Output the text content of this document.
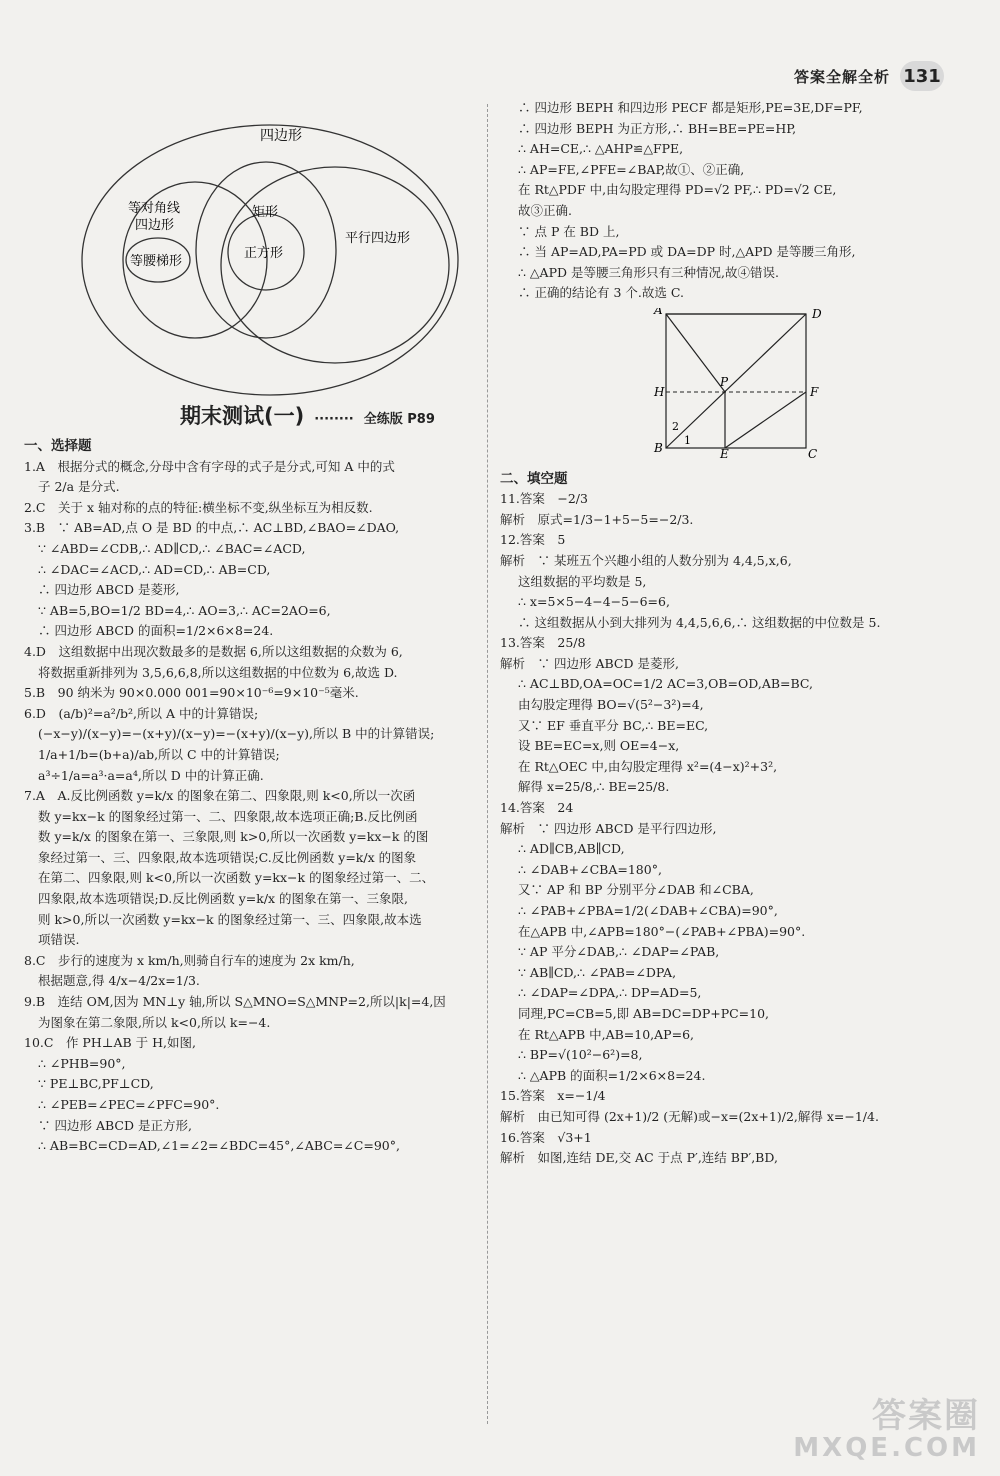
答案全解全析 131
四边形
等对角线
四边形
等腰梯形
矩形
正方形
平行四边形
期末测试(一) ········ 全练版 P89
一、选择题
1.A　根据分式的概念,分母中含有字母的式子是分式,可知 A 中的式
子 2/a 是分式.
2.C　关于 x 轴对称的点的特征:横坐标不变,纵坐标互为相反数.
3.B　∵ AB=AD,点 O 是 BD 的中点,∴ AC⊥BD,∠BAO=∠DAO,
∵ ∠ABD=∠CDB,∴ AD∥CD,∴ ∠BAC=∠ACD,
∴ ∠DAC=∠ACD,∴ AD=CD,∴ AB=CD,
∴ 四边形 ABCD 是菱形,
∵ AB=5,BO=1/2 BD=4,∴ AO=3,∴ AC=2AO=6,
∴ 四边形 ABCD 的面积=1/2×6×8=24.
4.D　这组数据中出现次数最多的是数据 6,所以这组数据的众数为 6,
将数据重新排列为 3,5,6,6,8,所以这组数据的中位数为 6,故选 D.
5.B　90 纳米为 90×0.000 001=90×10⁻⁶=9×10⁻⁵毫米.
6.D　(a/b)²=a²/b²,所以 A 中的计算错误;
(−x−y)/(x−y)=−(x+y)/(x−y)=−(x+y)/(x−y),所以 B 中的计算错误;
1/a+1/b=(b+a)/ab,所以 C 中的计算错误;
a³÷1/a=a³·a=a⁴,所以 D 中的计算正确.
7.A　A.反比例函数 y=k/x 的图象在第二、四象限,则 k<0,所以一次函
数 y=kx−k 的图象经过第一、二、四象限,故本选项正确;B.反比例函
数 y=k/x 的图象在第一、三象限,则 k>0,所以一次函数 y=kx−k 的图
象经过第一、三、四象限,故本选项错误;C.反比例函数 y=k/x 的图象
在第二、四象限,则 k<0,所以一次函数 y=kx−k 的图象经过第一、二、
四象限,故本选项错误;D.反比例函数 y=k/x 的图象在第一、三象限,
则 k>0,所以一次函数 y=kx−k 的图象经过第一、三、四象限,故本选
项错误.
8.C　步行的速度为 x km/h,则骑自行车的速度为 2x km/h,
根据题意,得 4/x−4/2x=1/3.
9.B　连结 OM,因为 MN⊥y 轴,所以 S△MNO=S△MNP=2,所以|k|=4,因
为图象在第二象限,所以 k<0,所以 k=−4.
10.C　作 PH⊥AB 于 H,如图,
∴ ∠PHB=90°,
∵ PE⊥BC,PF⊥CD,
∴ ∠PEB=∠PEC=∠PFC=90°.
∵ 四边形 ABCD 是正方形,
∴ AB=BC=CD=AD,∠1=∠2=∠BDC=45°,∠ABC=∠C=90°,
∴ 四边形 BEPH 和四边形 PECF 都是矩形,PE=3E,DF=PF,
∴ 四边形 BEPH 为正方形,∴ BH=BE=PE=HP,
∴ AH=CE,∴ △AHP≌△FPE,
∴ AP=FE,∠PFE=∠BAP,故①、②正确,
在 Rt△PDF 中,由勾股定理得 PD=√2 PF,∴ PD=√2 CE,
故③正确.
∵ 点 P 在 BD 上,
∴ 当 AP=AD,PA=PD 或 DA=DP 时,△APD 是等腰三角形,
∴ △APD 是等腰三角形只有三种情况,故④错误.
∴ 正确的结论有 3 个.故选 C.
A	D
P
H	F
B	E	C
1
2
二、填空题
11.答案　−2/3
解析　原式=1/3−1+5−5=−2/3.
12.答案　5
解析　∵ 某班五个兴趣小组的人数分别为 4,4,5,x,6,
这组数据的平均数是 5,
∴ x=5×5−4−4−5−6=6,
∴ 这组数据从小到大排列为 4,4,5,6,6,∴ 这组数据的中位数是 5.
13.答案　25/8
解析　∵ 四边形 ABCD 是菱形,
∴ AC⊥BD,OA=OC=1/2 AC=3,OB=OD,AB=BC,
由勾股定理得 BO=√(5²−3²)=4,
又∵ EF 垂直平分 BC,∴ BE=EC,
设 BE=EC=x,则 OE=4−x,
在 Rt△OEC 中,由勾股定理得 x²=(4−x)²+3²,
解得 x=25/8,∴ BE=25/8.
14.答案　24
解析　∵ 四边形 ABCD 是平行四边形,
∴ AD∥CB,AB∥CD,
∴ ∠DAB+∠CBA=180°,
又∵ AP 和 BP 分别平分∠DAB 和∠CBA,
∴ ∠PAB+∠PBA=1/2(∠DAB+∠CBA)=90°,
在△APB 中,∠APB=180°−(∠PAB+∠PBA)=90°.
∵ AP 平分∠DAB,∴ ∠DAP=∠PAB,
∵ AB∥CD,∴ ∠PAB=∠DPA,
∴ ∠DAP=∠DPA,∴ DP=AD=5,
同理,PC=CB=5,即 AB=DC=DP+PC=10,
在 Rt△APB 中,AB=10,AP=6,
∴ BP=√(10²−6²)=8,
∴ △APB 的面积=1/2×6×8=24.
15.答案　x=−1/4
解析　由已知可得 (2x+1)/2 (无解)或−x=(2x+1)/2,解得 x=−1/4.
16.答案　√3+1
解析　如图,连结 DE,交 AC 于点 P′,连结 BP′,BD,
答案圈
MXQE.COM
